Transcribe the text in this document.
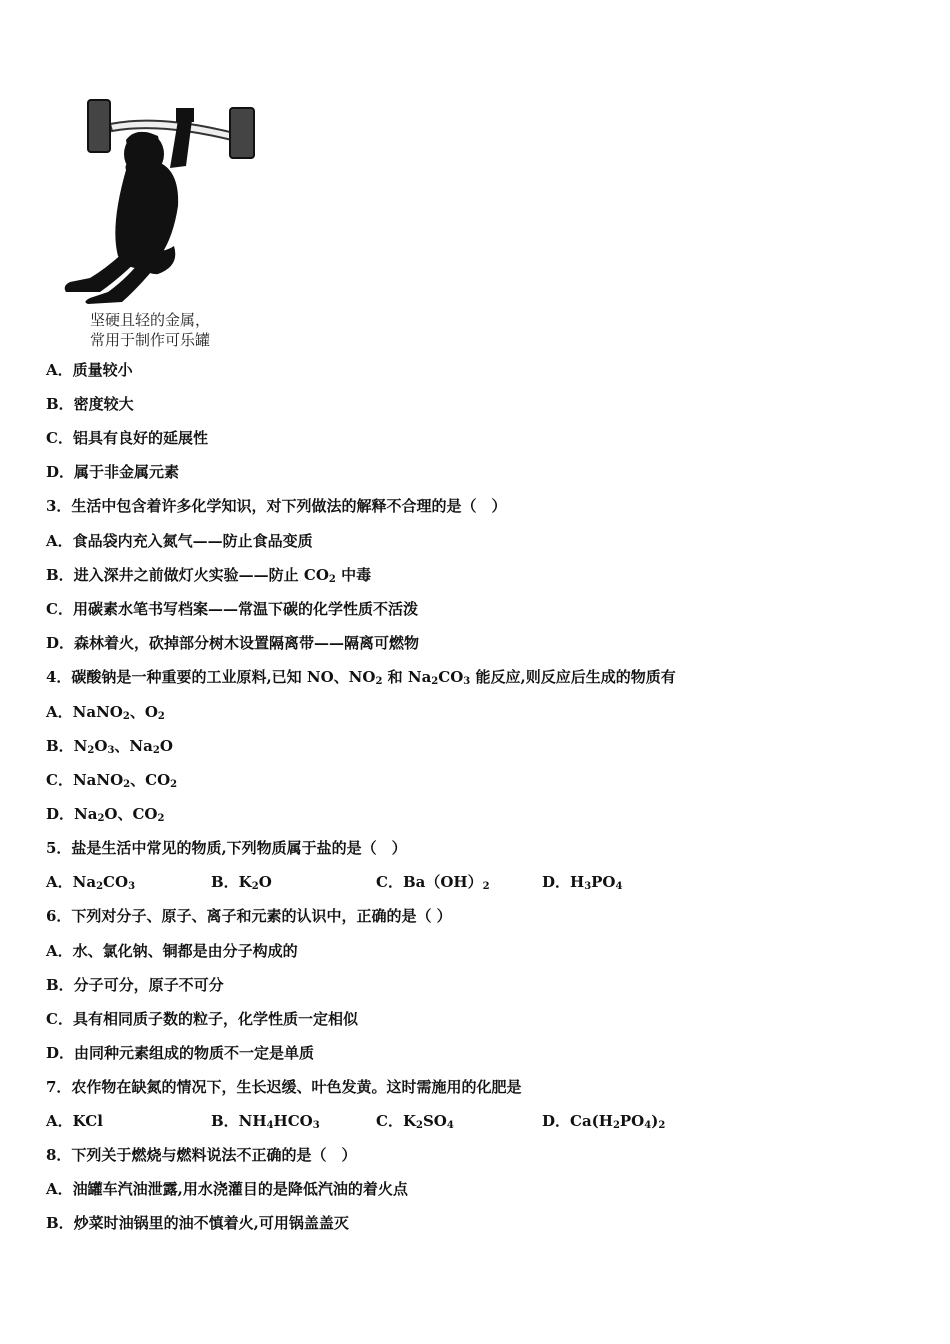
坚硬且轻的金属，
常用于制作可乐罐
A．质量较小
B．密度较大
C．铝具有良好的延展性
D．属于非金属元素
3．生活中包含着许多化学知识，对下列做法的解释不合理的是（　）
A．食品袋内充入氮气——防止食品变质
B．进入深井之前做灯火实验——防止 $CO_2$ 中毒
C．用碳素水笔书写档案——常温下碳的化学性质不活泼
D．森林着火，砍掉部分树木设置隔离带——隔离可燃物
4．碳酸钠是一种重要的工业原料,已知 NO、$NO_2$ 和 $Na_2CO_3$ 能反应,则反应后生成的物质有
A．NaNO$_2$、$O_2$
B．$N_2O_3$、$Na_2O$
C．NaNO$_2$、$CO_2$
D．$Na_2O$、$CO_2$
5．盐是生活中常见的物质,下列物质属于盐的是（　）
A．$Na_2CO_3$	B．$K_2O$	C．$Ba(OH)_2$	D．$H_3PO_4$
6．下列对分子、原子、离子和元素的认识中，正确的是（ ）
A．水、氯化钠、铜都是由分子构成的
B．分子可分，原子不可分
C．具有相同质子数的粒子，化学性质一定相似
D．由同种元素组成的物质不一定是单质
7．农作物在缺氮的情况下，生长迟缓、叶色发黄。这时需施用的化肥是
A．KCl	B．$NH_4HCO_3$	C．$K_2SO_4$	D．$Ca(H_2PO_4)_2$
8．下列关于燃烧与燃料说法不正确的是（　）
A．油罐车汽油泄露,用水浇灌目的是降低汽油的着火点
B．炒菜时油锅里的油不慎着火,可用锅盖盖灭
